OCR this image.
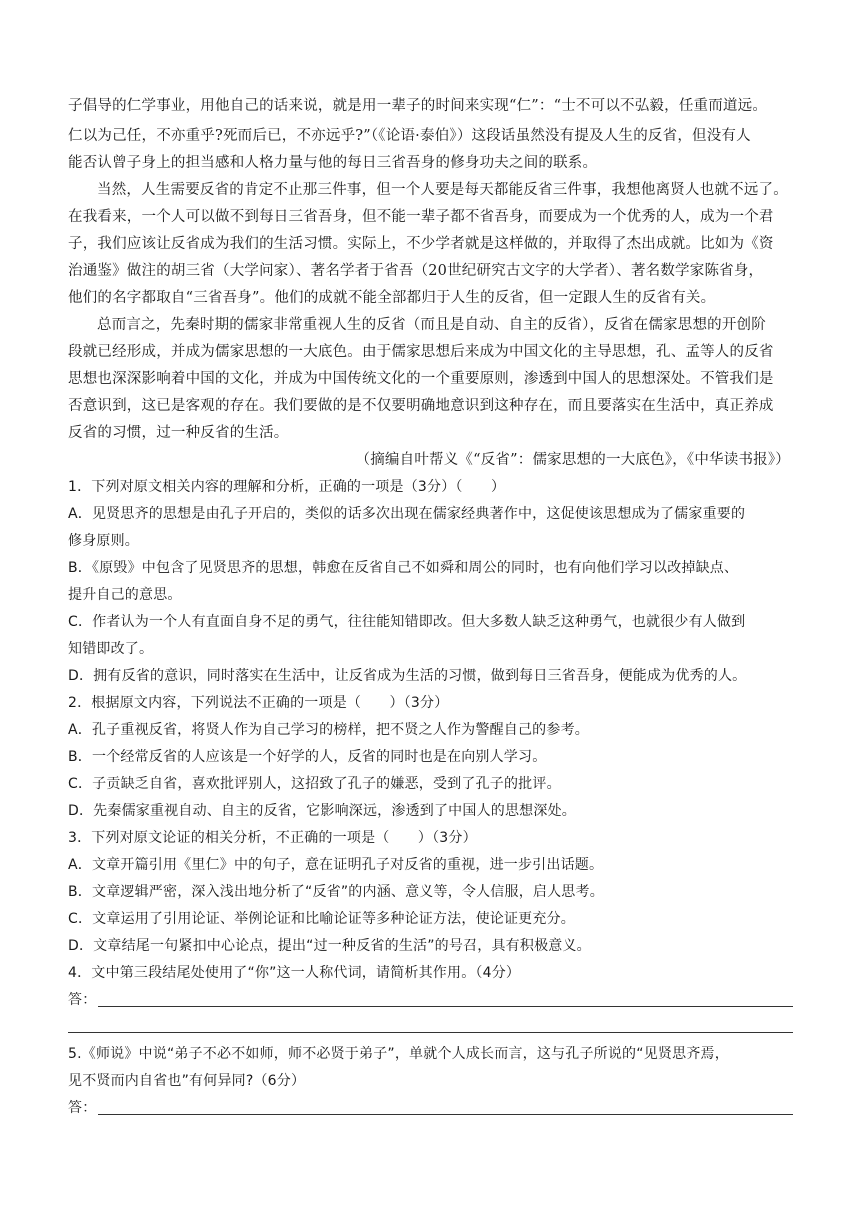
子倡导的仁学事业，用他自己的话来说，就是用一辈子的时间来实现“仁”：“士不可以不弘毅，任重而道远。
仁以为己任，不亦重乎?死而后已，不亦远乎?”（《论语·泰伯》）这段话虽然没有提及人生的反省，但没有人
能否认曾子身上的担当感和人格力量与他的每日三省吾身的修身功夫之间的联系。
当然，人生需要反省的肯定不止那三件事，但一个人要是每天都能反省三件事，我想他离贤人也就不远了。
在我看来，一个人可以做不到每日三省吾身，但不能一辈子都不省吾身，而要成为一个优秀的人，成为一个君
子，我们应该让反省成为我们的生活习惯。实际上，不少学者就是这样做的，并取得了杰出成就。比如为《资
治通鉴》做注的胡三省（大学问家）、著名学者于省吾（20世纪研究古文字的大学者）、著名数学家陈省身，
他们的名字都取自“三省吾身”。他们的成就不能全部都归于人生的反省，但一定跟人生的反省有关。
总而言之，先秦时期的儒家非常重视人生的反省（而且是自动、自主的反省），反省在儒家思想的开创阶
段就已经形成，并成为儒家思想的一大底色。由于儒家思想后来成为中国文化的主导思想，孔、孟等人的反省
思想也深深影响着中国的文化，并成为中国传统文化的一个重要原则，渗透到中国人的思想深处。不管我们是
否意识到，这已是客观的存在。我们要做的是不仅要明确地意识到这种存在，而且要落实在生活中，真正养成
反省的习惯，过一种反省的生活。
（摘编自叶帮义《“反省”：儒家思想的一大底色》，《中华读书报》）
1．下列对原文相关内容的理解和分析，正确的一项是（3分）（　　）
A．见贤思齐的思想是由孔子开启的，类似的话多次出现在儒家经典著作中，这促使该思想成为了儒家重要的
修身原则。
B．《原毁》中包含了见贤思齐的思想，韩愈在反省自己不如舜和周公的同时，也有向他们学习以改掉缺点、
提升自己的意思。
C．作者认为一个人有直面自身不足的勇气，往往能知错即改。但大多数人缺乏这种勇气，也就很少有人做到
知错即改了。
D．拥有反省的意识，同时落实在生活中，让反省成为生活的习惯，做到每日三省吾身，便能成为优秀的人。
2．根据原文内容，下列说法不正确的一项是（　　）（3分）
A．孔子重视反省，将贤人作为自己学习的榜样，把不贤之人作为警醒自己的参考。
B．一个经常反省的人应该是一个好学的人，反省的同时也是在向别人学习。
C．子贡缺乏自省，喜欢批评别人，这招致了孔子的嫌恶，受到了孔子的批评。
D．先秦儒家重视自动、自主的反省，它影响深远，渗透到了中国人的思想深处。
3．下列对原文论证的相关分析，不正确的一项是（　　）（3分）
A．文章开篇引用《里仁》中的句子，意在证明孔子对反省的重视，进一步引出话题。
B．文章逻辑严密，深入浅出地分析了“反省”的内涵、意义等，令人信服，启人思考。
C．文章运用了引用论证、举例论证和比喻论证等多种论证方法，使论证更充分。
D．文章结尾一句紧扣中心论点，提出“过一种反省的生活”的号召，具有积极意义。
4．文中第三段结尾处使用了“你”这一人称代词，请简析其作用。（4分）
答：
5.《师说》中说“弟子不必不如师，师不必贤于弟子”，单就个人成长而言，这与孔子所说的“见贤思齐焉，
见不贤而内自省也”有何异同?（6分）
答：
